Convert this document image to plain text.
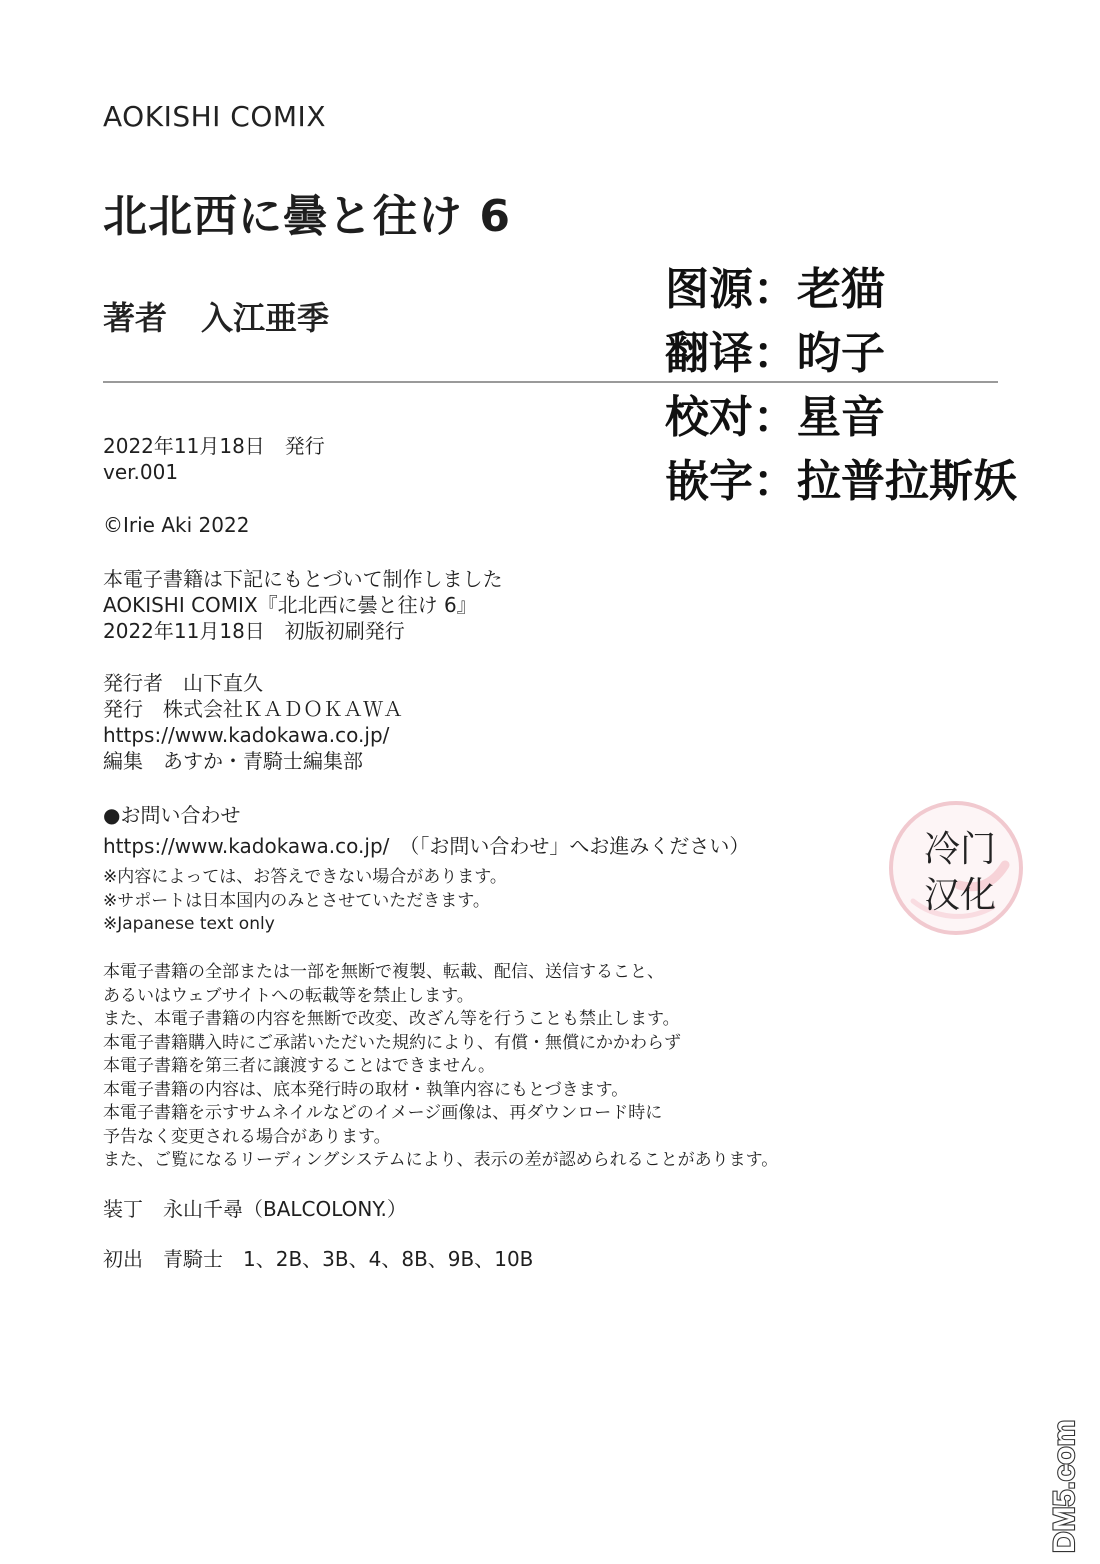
AOKISHI COMIX
北北西に曇と往け 6
著者 入江亜季
图源：老猫
翻译：昀子
校对：星音
嵌字：拉普拉斯妖
2022年11月18日　発行
ver.001
©Irie Aki 2022
本電子書籍は下記にもとづいて制作しました
AOKISHI COMIX『北北西に曇と往け 6』
2022年11月18日　初版初刷発行
発行者　山下直久
発行　株式会社ＫＡＤＯＫＡＷＡ
https://www.kadokawa.co.jp/
編集　あすか・青騎士編集部
●お問い合わせ
https://www.kadokawa.co.jp/　（「お問い合わせ」へお進みください）
※内容によっては、お答えできない場合があります。
※サポートは日本国内のみとさせていただきます。
※Japanese text only
本電子書籍の全部または一部を無断で複製、転載、配信、送信すること、
あるいはウェブサイトへの転載等を禁止します。
また、本電子書籍の内容を無断で改変、改ざん等を行うことも禁止します。
本電子書籍購入時にご承諾いただいた規約により、有償・無償にかかわらず
本電子書籍を第三者に譲渡することはできません。
本電子書籍の内容は、底本発行時の取材・執筆内容にもとづきます。
本電子書籍を示すサムネイルなどのイメージ画像は、再ダウンロード時に
予告なく変更される場合があります。
また、ご覧になるリーディングシステムにより、表示の差が認められることがあります。
装丁　永山千尋（BALCOLONY.）
初出　青騎士　1、2B、3B、4、8B、9B、10B
冷门汉化
DM5.com
